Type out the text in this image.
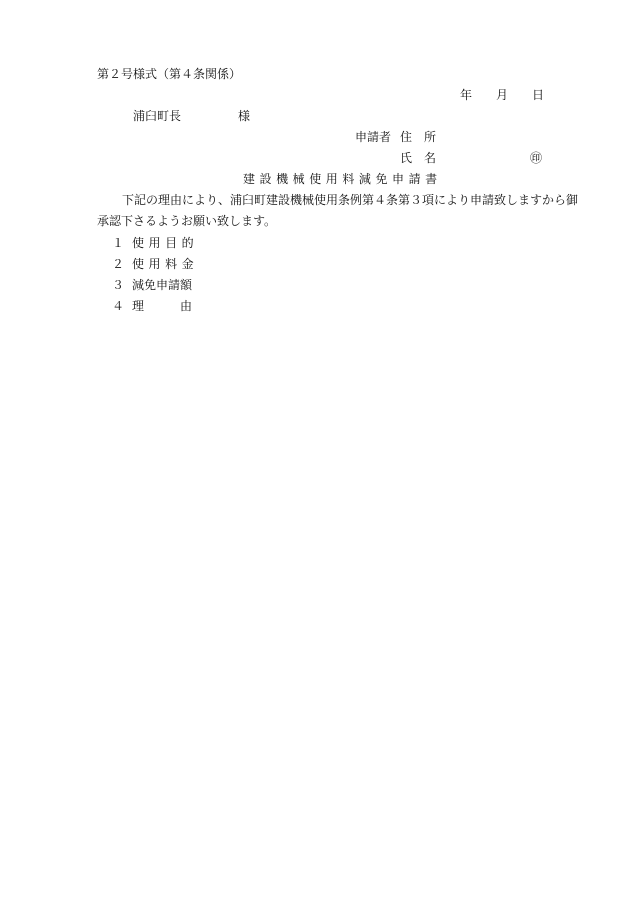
第２号様式（第４条関係）
年 月 日
浦臼町長	様
申請者 住　所
氏　名	㊞
建設機械使用料減免申請書
下記の理由により、浦臼町建設機械使用条例第４条第３項により申請致しますから御
承認下さるようお願い致します。
１ 使用目的
２ 使用料金
３ 減免申請額
４ 理　　　由
